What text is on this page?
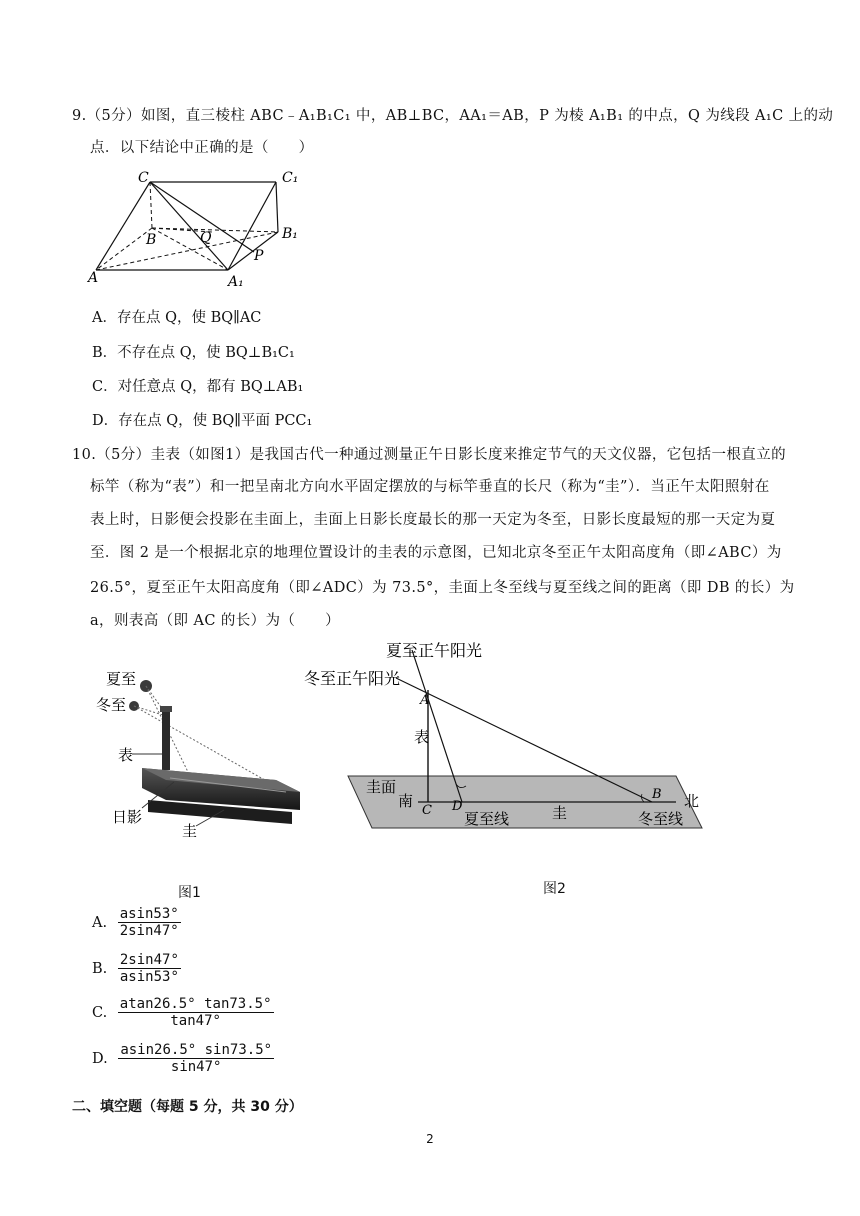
9.（5分）如图，直三棱柱 ABC﹣A₁B₁C₁ 中，AB⊥BC，AA₁＝AB，P 为棱 A₁B₁ 的中点，Q 为线段 A₁C 上的动
点．以下结论中正确的是（　　）
C	C₁
B	Q	B₁
P
A	A₁
A．存在点 Q，使 BQ∥AC
B．不存在点 Q，使 BQ⊥B₁C₁
C．对任意点 Q，都有 BQ⊥AB₁
D．存在点 Q，使 BQ∥平面 PCC₁
10.（5分）圭表（如图1）是我国古代一种通过测量正午日影长度来推定节气的天文仪器，它包括一根直立的
标竿（称为“表”）和一把呈南北方向水平固定摆放的与标竿垂直的长尺（称为“圭”）．当正午太阳照射在
表上时，日影便会投影在圭面上，圭面上日影长度最长的那一天定为冬至，日影长度最短的那一天定为夏
至．图 2 是一个根据北京的地理位置设计的圭表的示意图，已知北京冬至正午太阳高度角（即∠ABC）为
26.5°，夏至正午太阳高度角（即∠ADC）为 73.5°，圭面上冬至线与夏至线之间的距离（即 DB 的长）为
a，则表高（即 AC 的长）为（　　）
夏至
冬至
表
日影
圭
图1
夏至正午阳光
冬至正午阳光
A
表
圭面
南
C D
夏至线	圭
B 北
冬至线
图2
A. $\frac{asin53^\circ}{2\sin 47^\circ}$
B. $\frac{2\sin 47^\circ}{asin53^\circ}$
C. $\frac{atan26.5^\circ \tan 73.5^\circ}{\tan 47^\circ}$
D. $\frac{asin26.5^\circ \sin 73.5^\circ}{\sin 47^\circ}$
二、填空题（每题 5 分，共 30 分）
2
